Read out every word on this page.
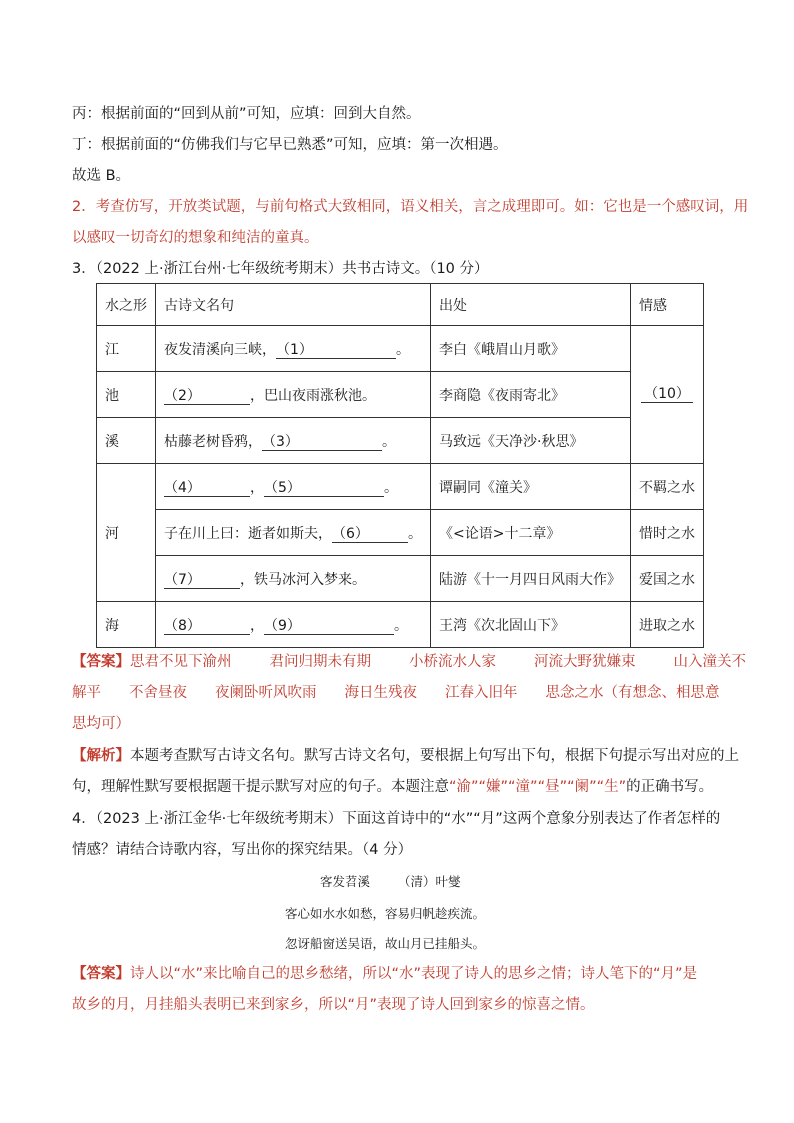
丙：根据前面的“回到从前”可知，应填：回到大自然。
丁：根据前面的“仿佛我们与它早已熟悉”可知，应填：第一次相遇。
故选 B。
2．考查仿写，开放类试题，与前句格式大致相同，语义相关，言之成理即可。如：它也是一个感叹词，用
以感叹一切奇幻的想象和纯洁的童真。
3．（2022 上·浙江台州·七年级统考期末）共书古诗文。（10 分）
水之形	古诗文名句	出处	情感
江	夜发清溪向三峡，（1） 。	李白《峨眉山月歌》	（10）
池	（2） ，巴山夜雨涨秋池。	李商隐《夜雨寄北》	
溪	枯藤老树昏鸦，（3） 。	马致远《天净沙·秋思》	
河	（4） ，（5） 。	谭嗣同《潼关》	不羁之水
	子在川上曰：逝者如斯夫，（6） 。	《<论语>十二章》	惜时之水
	（7） ，铁马冰河入梦来。	陆游《十一月四日风雨大作》	爱国之水
海	（8） ，（9） 。	王湾《次北固山下》	进取之水
【答案】思君不见下渝州	君问归期未有期	小桥流水人家	河流大野犹嫌束	山入潼关不
解平 不舍昼夜 夜阑卧听风吹雨 海日生残夜 江春入旧年 思念之水（有想念、相思意
思均可）
【解析】本题考查默写古诗文名句。默写古诗文名句，要根据上句写出下句，根据下句提示写出对应的上
句，理解性默写要根据题干提示默写对应的句子。本题注意“渝”“嫌”“潼”“昼”“阑”“生”的正确书写。
4．（2023 上·浙江金华·七年级统考期末）下面这首诗中的“水”“月”这两个意象分别表达了作者怎样的
情感？请结合诗歌内容，写出你的探究结果。（4 分）
客发苕溪 （清）叶燮
客心如水水如愁，容易归帆趁疾流。
忽讶船窗送吴语，故山月已挂船头。
【答案】诗人以“水”来比喻自己的思乡愁绪，所以“水”表现了诗人的思乡之情；诗人笔下的“月”是
故乡的月，月挂船头表明已来到家乡，所以“月”表现了诗人回到家乡的惊喜之情。
